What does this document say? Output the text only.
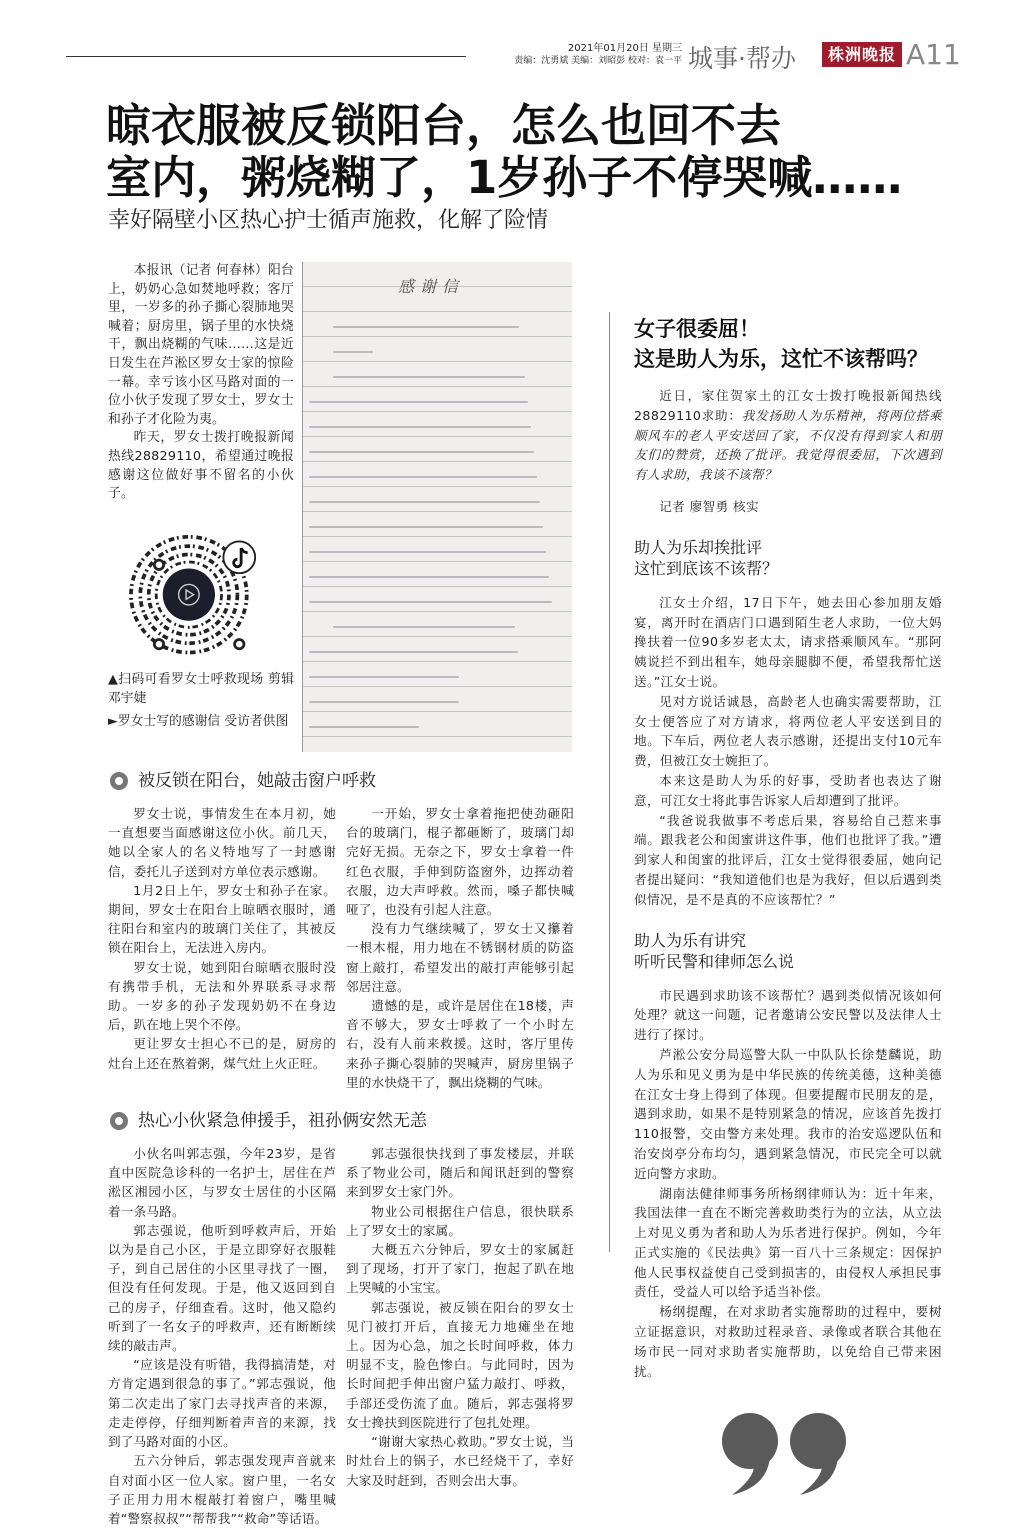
2021年01月20日 星期三
责编：沈勇斌 美编：刘昭彭 校对：袁一平 城事·帮办	株洲晚报 A11
晾衣服被反锁阳台，怎么也回不去
室内，粥烧糊了，1岁孙子不停哭喊……
幸好隔壁小区热心护士循声施救，化解了险情

本报讯（记者 何春林）阳台上，奶奶心急如焚地呼救；客厅里，一岁多的孙子撕心裂肺地哭喊着；厨房里，锅子里的水快烧干，飘出烧糊的气味……这是近日发生在芦淞区罗女士家的惊险一幕。幸亏该小区马路对面的一位小伙子发现了罗女士，罗女士和孙子才化险为夷。

昨天，罗女士拨打晚报新闻热线28829110，希望通过晚报感谢这位做好事不留名的小伙子。

▲扫码可看罗女士呼救现场 剪辑 邓宇婕
►罗女士写的感谢信 受访者供图
感谢信
被反锁在阳台，她敲击窗户呼救

罗女士说，事情发生在本月初，她一直想要当面感谢这位小伙。前几天，她以全家人的名义特地写了一封感谢信，委托儿子送到对方单位表示感谢。

1月2日上午，罗女士和孙子在家。期间，罗女士在阳台上晾晒衣服时，通往阳台和室内的玻璃门关住了，其被反锁在阳台上，无法进入房内。

罗女士说，她到阳台晾晒衣服时没有携带手机，无法和外界联系寻求帮助。一岁多的孙子发现奶奶不在身边后，趴在地上哭个不停。

更让罗女士担心不已的是，厨房的灶台上还在熬着粥，煤气灶上火正旺。

一开始，罗女士拿着拖把使劲砸阳台的玻璃门，棍子都砸断了，玻璃门却完好无损。无奈之下，罗女士拿着一件红色衣服，手伸到防盗窗外，边挥动着衣服，边大声呼救。然而，嗓子都快喊哑了，也没有引起人注意。

没有力气继续喊了，罗女士又攥着一根木棍，用力地在不锈钢材质的防盗窗上敲打，希望发出的敲打声能够引起邻居注意。

遗憾的是，或许是居住在18楼，声音不够大，罗女士呼救了一个小时左右，没有人前来救援。这时，客厅里传来孙子撕心裂肺的哭喊声，厨房里锅子里的水快烧干了，飘出烧糊的气味。

热心小伙紧急伸援手，祖孙俩安然无恙

小伙名叫郭志强，今年23岁，是省直中医院急诊科的一名护士，居住在芦淞区湘园小区，与罗女士居住的小区隔着一条马路。

郭志强说，他听到呼救声后，开始以为是自己小区，于是立即穿好衣服鞋子，到自己居住的小区里寻找了一圈，但没有任何发现。于是，他又返回到自己的房子，仔细查看。这时，他又隐约听到了一名女子的呼救声，还有断断续续的敲击声。

“应该是没有听错，我得搞清楚，对方肯定遇到很急的事了。”郭志强说，他第二次走出了家门去寻找声音的来源，走走停停，仔细判断着声音的来源，找到了马路对面的小区。

五六分钟后，郭志强发现声音就来自对面小区一位人家。窗户里，一名女子正用力用木棍敲打着窗户，嘴里喊着“警察叔叔”“帮帮我”“救命”等话语。

郭志强很快找到了事发楼层，并联系了物业公司，随后和闻讯赶到的警察来到罗女士家门外。

物业公司根据住户信息，很快联系上了罗女士的家属。

大概五六分钟后，罗女士的家属赶到了现场，打开了家门，抱起了趴在地上哭喊的小宝宝。

郭志强说，被反锁在阳台的罗女士见门被打开后，直接无力地瘫坐在地上。因为心急，加之长时间呼救，体力明显不支，脸色惨白。与此同时，因为长时间把手伸出窗户猛力敲打、呼救，手部还受伤流了血。随后，郭志强将罗女士搀扶到医院进行了包扎处理。

“谢谢大家热心救助。”罗女士说，当时灶台上的锅子，水已经烧干了，幸好大家及时赶到，否则会出大事。

女子很委屈！
这是助人为乐，这忙不该帮吗？

近日，家住贺家土的江女士拨打晚报新闻热线28829110求助：我发扬助人为乐精神，将两位搭乘顺风车的老人平安送回了家，不仅没有得到家人和朋友们的赞赏，还换了批评。我觉得很委屈，下次遇到有人求助，我该不该帮？

记者 廖智勇 核实

助人为乐却挨批评
这忙到底该不该帮？

江女士介绍，17日下午，她去田心参加朋友婚宴，离开时在酒店门口遇到陌生老人求助，一位大妈搀扶着一位90多岁老太太，请求搭乘顺风车。“那阿姨说拦不到出租车，她母亲腿脚不便，希望我帮忙送送。”江女士说。

见对方说话诚恳，高龄老人也确实需要帮助，江女士便答应了对方请求，将两位老人平安送到目的地。下车后，两位老人表示感谢，还提出支付10元车费，但被江女士婉拒了。

本来这是助人为乐的好事，受助者也表达了谢意，可江女士将此事告诉家人后却遭到了批评。

“我爸说我做事不考虑后果，容易给自己惹来事端。跟我老公和闺蜜讲这件事，他们也批评了我。”遭到家人和闺蜜的批评后，江女士觉得很委屈，她向记者提出疑问：“我知道他们也是为我好，但以后遇到类似情况，是不是真的不应该帮忙？”

助人为乐有讲究
听听民警和律师怎么说

市民遇到求助该不该帮忙？遇到类似情况该如何处理？就这一问题，记者邀请公安民警以及法律人士进行了探讨。

芦淞公安分局巡警大队一中队队长徐楚麟说，助人为乐和见义勇为是中华民族的传统美德，这种美德在江女士身上得到了体现。但要提醒市民朋友的是，遇到求助，如果不是特别紧急的情况，应该首先拨打110报警，交由警方来处理。我市的治安巡逻队伍和治安岗亭分布均匀，遇到紧急情况，市民完全可以就近向警方求助。

湖南法健律师事务所杨纲律师认为：近十年来，我国法律一直在不断完善救助类行为的立法，从立法上对见义勇为者和助人为乐者进行保护。例如，今年正式实施的《民法典》第一百八十三条规定：因保护他人民事权益使自己受到损害的，由侵权人承担民事责任，受益人可以给予适当补偿。

杨纲提醒，在对求助者实施帮助的过程中，要树立证据意识，对救助过程录音、录像或者联合其他在场市民一同对求助者实施帮助，以免给自己带来困扰。
